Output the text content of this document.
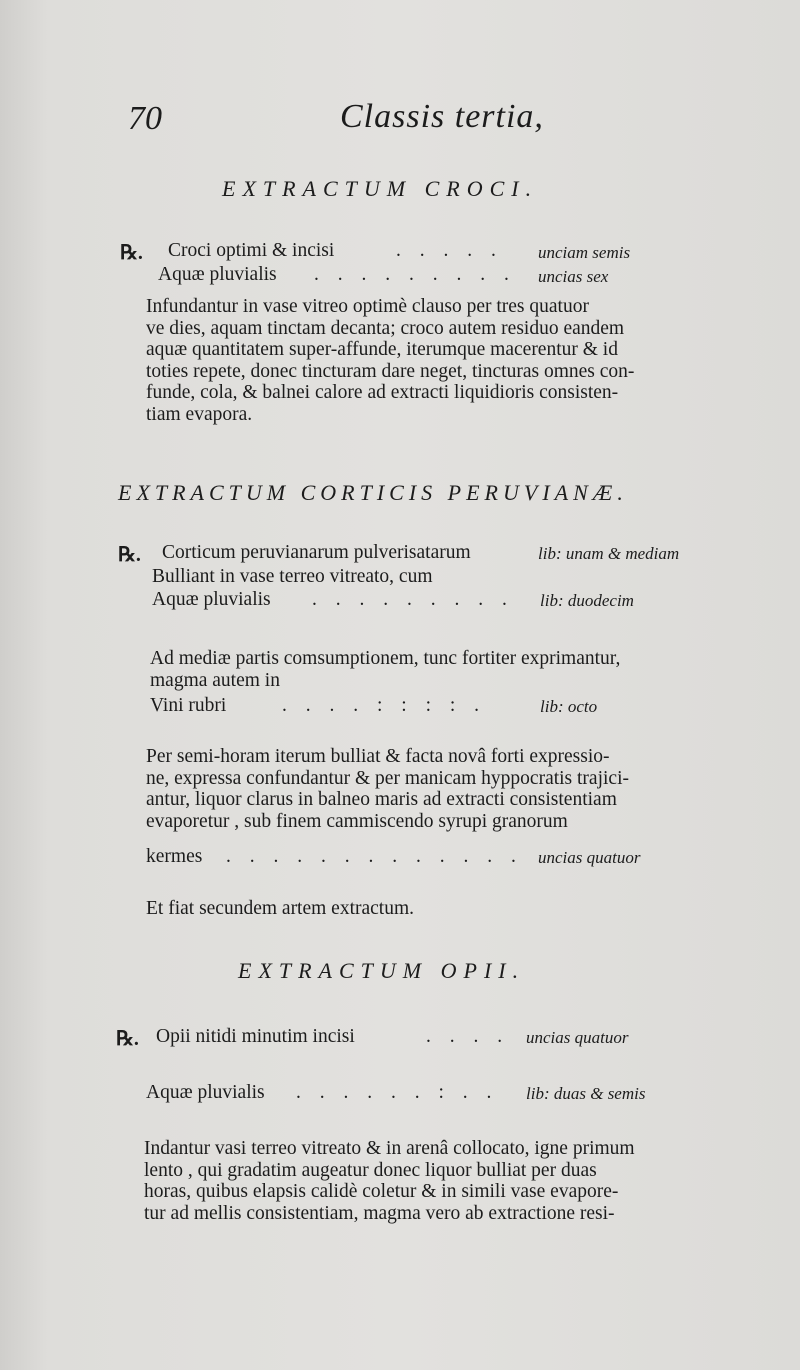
70	Classis tertia,
EXTRACTUM CROCI.
℞. Croci optimi & incisi	. . . . . unciam semis
Aquæ pluvialis . . . . . . . . . uncias sex
Infundantur in vase vitreo optimè clauso per tres quatuor
ve dies, aquam tinctam decanta; croco autem residuo eandem
aquæ quantitatem super-affunde, iterumque macerentur & id
toties repete, donec tincturam dare neget, tincturas omnes con-
funde, cola, & balnei calore ad extracti liquidioris consisten-
tiam evapora.
EXTRACTUM CORTICIS PERUVIANÆ.
℞. Corticum peruvianarum pulverisatarum	lib: unam & mediam
Bulliant in vase terreo vitreato, cum
Aquæ pluvialis . . . . . . . . . lib: duodecim
Ad mediæ partis comsumptionem, tunc fortiter exprimantur,
magma autem in
Vini rubri	. . . . : : : : .	lib: octo
Per semi-horam iterum bulliat & facta novâ forti expressio-
ne, expressa confundantur & per manicam hyppocratis trajici-
antur, liquor clarus in balneo maris ad extracti consistentiam
evaporetur , sub finem cammiscendo syrupi granorum
kermes . . . . . . . . . . . . . uncias quatuor
Et fiat secundem artem extractum.
EXTRACTUM OPII.
℞. Opii nitidi minutim incisi	. . . . uncias quatuor
Aquæ pluvialis . . . . . . : . . lib: duas & semis
Indantur vasi terreo vitreato & in arenâ collocato, igne primum
lento , qui gradatim augeatur donec liquor bulliat per duas
horas, quibus elapsis calidè coletur & in simili vase evapore-
tur ad mellis consistentiam, magma vero ab extractione resi-
